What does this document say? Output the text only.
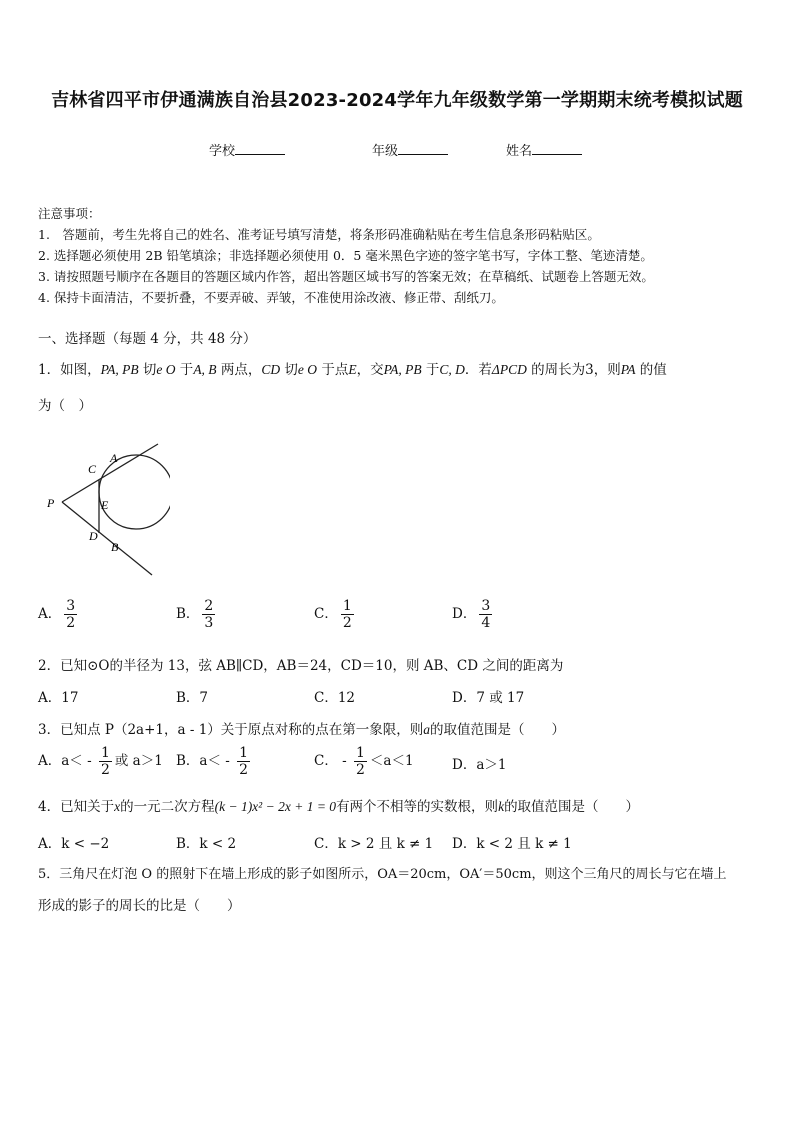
吉林省四平市伊通满族自治县2023-2024学年九年级数学第一学期期末统考模拟试题
学校	年级	姓名
注意事项：
1.　答题前，考生先将自己的姓名、准考证号填写清楚，将条形码准确粘贴在考生信息条形码粘贴区。
2. 选择题必须使用 2B 铅笔填涂；非选择题必须使用 0．5 毫米黑色字迹的签字笔书写，字体工整、笔迹清楚。
3. 请按照题号顺序在各题目的答题区域内作答，超出答题区域书写的答案无效；在草稿纸、试题卷上答题无效。
4. 保持卡面清洁，不要折叠，不要弄破、弄皱，不准使用涂改液、修正带、刮纸刀。
一、选择题（每题 4 分，共 48 分）
1．如图，PA, PB 切e O 于A, B 两点，CD 切e O 于点E，交PA, PB 于C, D．若ΔPCD 的周长为3，则PA 的值
为（　）
P
C
A
E
D
B
A． $\frac{3}{2}$	B． $\frac{2}{3}$	C． $\frac{1}{2}$	D． $\frac{3}{4}$
2．已知⊙O的半径为 13，弦 AB∥CD，AB＝24，CD＝10，则 AB、CD 之间的距离为
A．17	B．7	C．12	D．7 或 17
3．已知点 P（2a+1，a - 1）关于原点对称的点在第一象限，则a的取值范围是（　　）
A．$a< - \frac{1}{2}$ 或 a＞1 B．$a< - \frac{1}{2}$	C． - $\frac{1}{2} <a<1$	D．a＞1
4．已知关于x的一元二次方程(k − 1)x² − 2x + 1 = 0有两个不相等的实数根，则k的取值范围是（　　）
A．k < −2	B．k < 2	C．k > 2 且 k ≠ 1 D．k < 2 且 k ≠ 1
5．三角尺在灯泡 O 的照射下在墙上形成的影子如图所示，OA＝20cm，OA′＝50cm，则这个三角尺的周长与它在墙上
形成的影子的周长的比是（　　）
